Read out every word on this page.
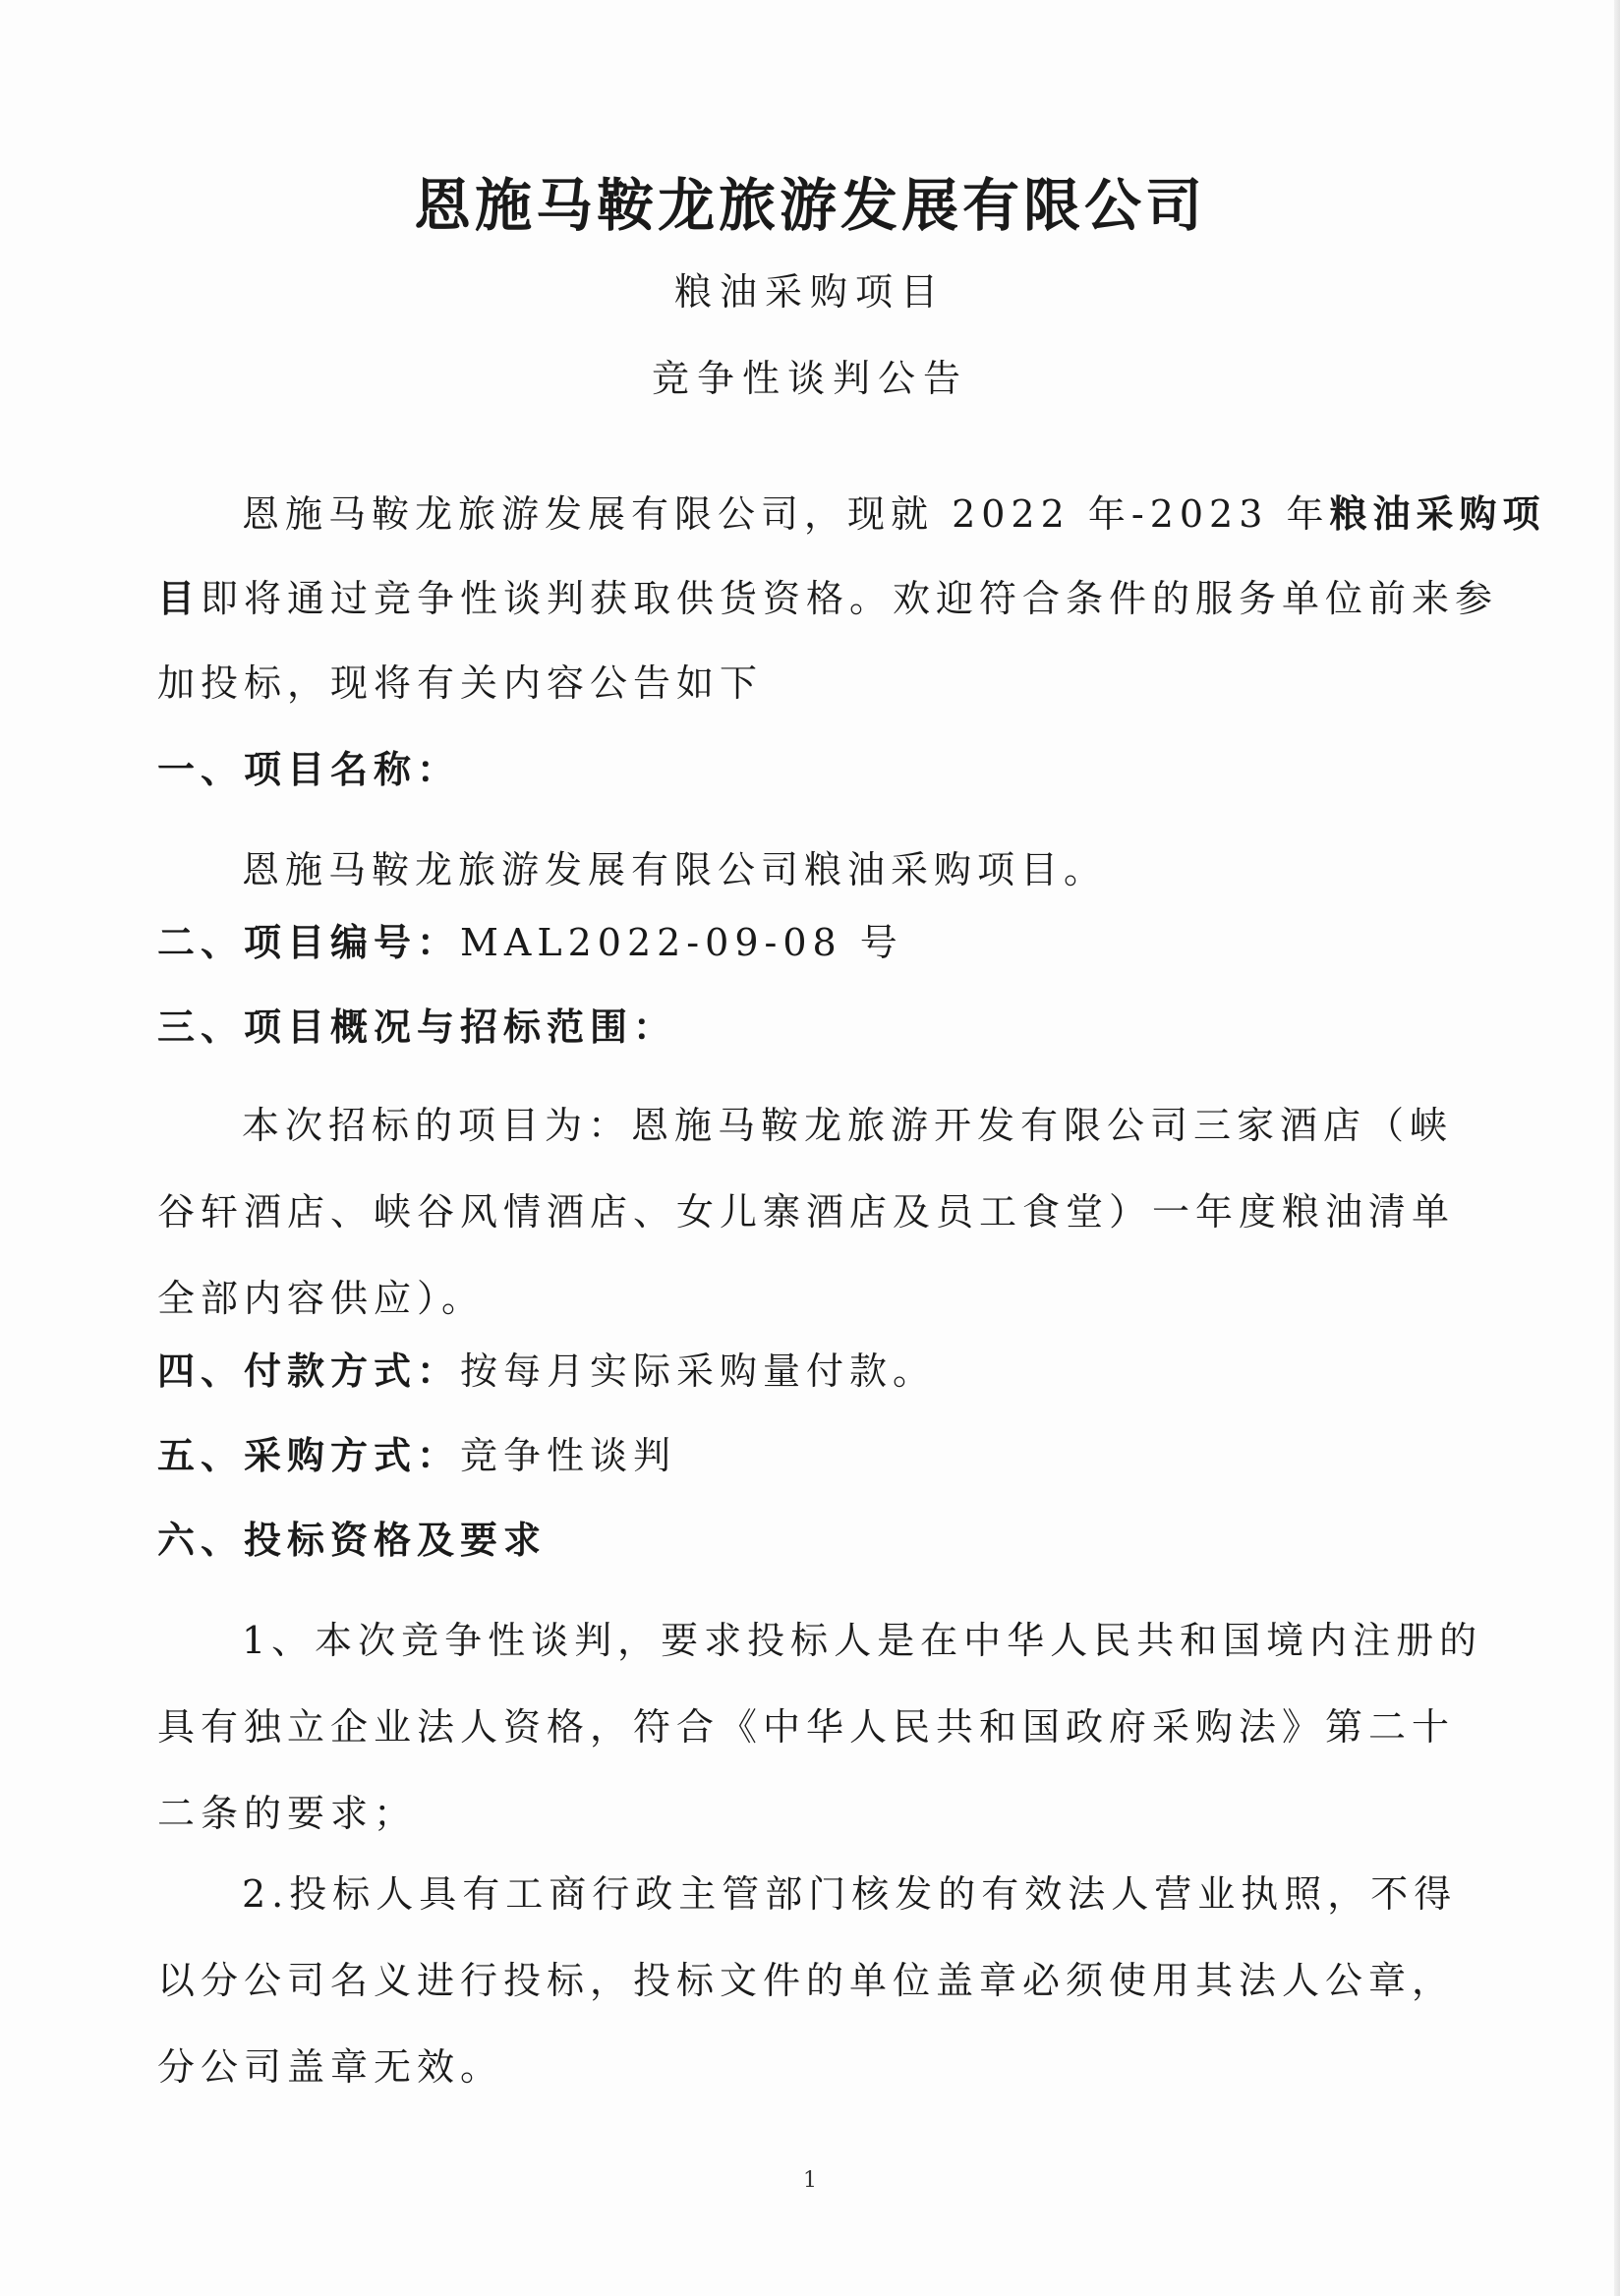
恩施马鞍龙旅游发展有限公司
粮油采购项目
竞争性谈判公告
恩施马鞍龙旅游发展有限公司，现就 2022 年-2023 年粮油采购项
目即将通过竞争性谈判获取供货资格。欢迎符合条件的服务单位前来参
加投标，现将有关内容公告如下
一、项目名称：
恩施马鞍龙旅游发展有限公司粮油采购项目。
二、项目编号：MAL2022-09-08 号
三、项目概况与招标范围：
本次招标的项目为：恩施马鞍龙旅游开发有限公司三家酒店（峡
谷轩酒店、峡谷风情酒店、女儿寨酒店及员工食堂）一年度粮油清单
全部内容供应）。
四、付款方式：按每月实际采购量付款。
五、采购方式：竞争性谈判
六、投标资格及要求
1、本次竞争性谈判，要求投标人是在中华人民共和国境内注册的
具有独立企业法人资格，符合《中华人民共和国政府采购法》第二十
二条的要求；
2.投标人具有工商行政主管部门核发的有效法人营业执照，不得
以分公司名义进行投标，投标文件的单位盖章必须使用其法人公章，
分公司盖章无效。
1
